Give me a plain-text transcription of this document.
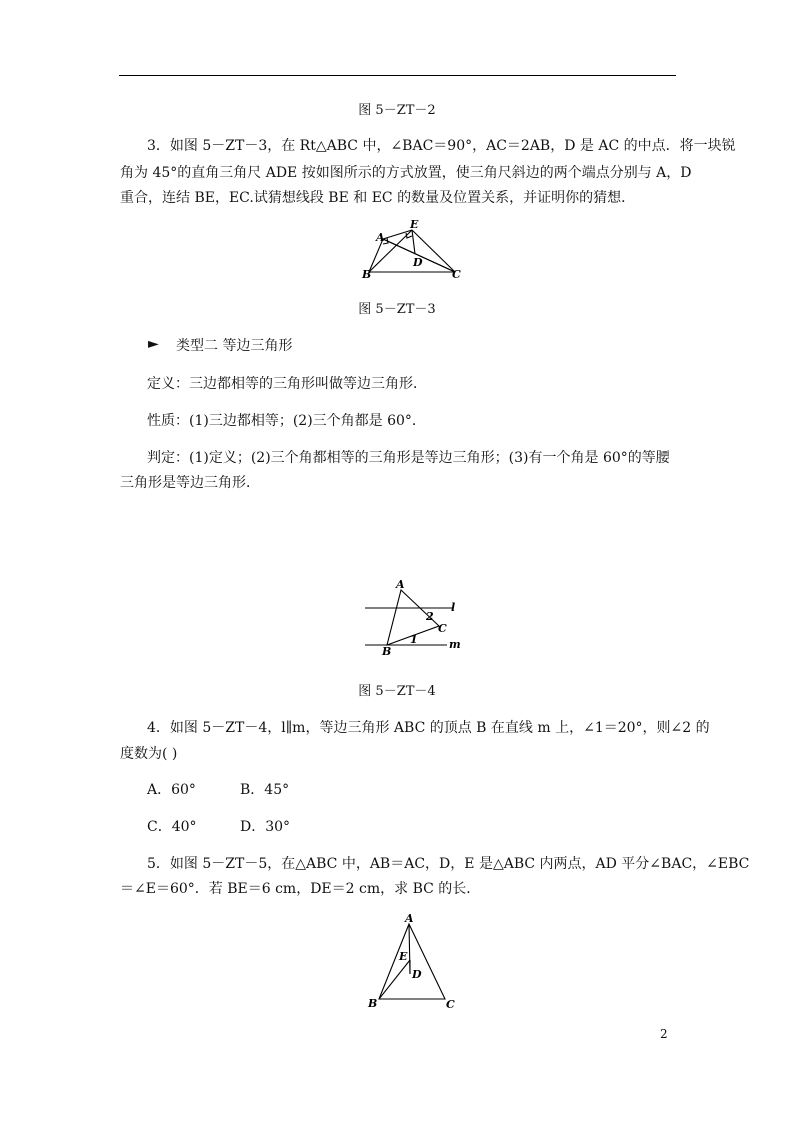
图 5－ZT－2
3．如图 5－ZT－3，在 Rt△ABC 中，∠BAC＝90°，AC＝2AB，D 是 AC 的中点．将一块锐
角为 45°的直角三角尺 ADE 按如图所示的方式放置，使三角尺斜边的两个端点分别与 A，D
重合，连结 BE，EC.试猜想线段 BE 和 EC 的数量及位置关系，并证明你的猜想．
A
E
D
B	C
图 5－ZT－3
► 类型二 等边三角形
定义：三边都相等的三角形叫做等边三角形．
性质：(1)三边都相等；(2)三个角都是 60°．
判定：(1)定义；(2)三个角都相等的三角形是等边三角形；(3)有一个角是 60°的等腰
三角形是等边三角形．
A
l
2
C
B
1	m
图 5－ZT－4
4．如图 5－ZT－4，l∥m，等边三角形 ABC 的顶点 B 在直线 m 上，∠1＝20°，则∠2 的
度数为( )
A．60°	B．45°
C．40°	D．30°
5．如图 5－ZT－5，在△ABC 中，AB＝AC，D，E 是△ABC 内两点，AD 平分∠BAC，∠EBC
＝∠E＝60°．若 BE＝6 cm，DE＝2 cm，求 BC 的长．
A
E
D
B	C
2
